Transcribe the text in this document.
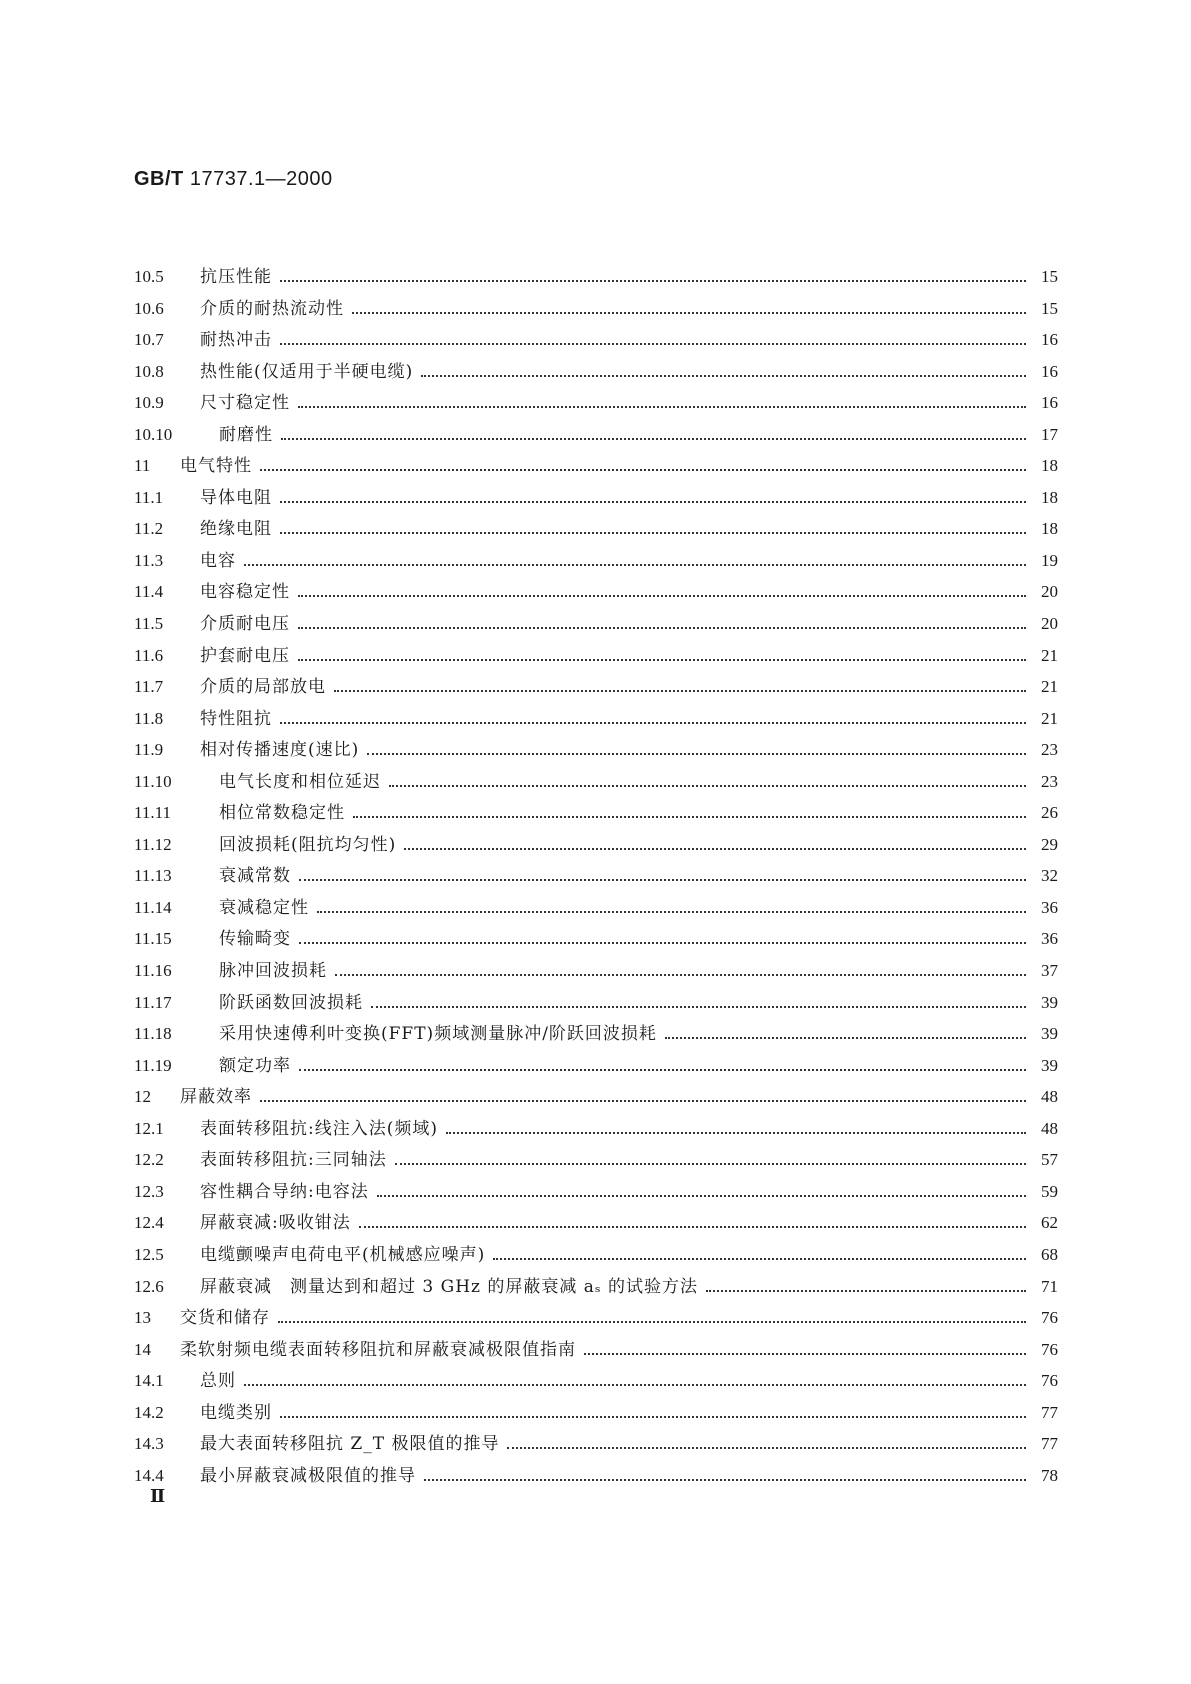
GB/T 17737.1—2000
10.5	抗压性能	15
10.6	介质的耐热流动性	15
10.7	耐热冲击	16
10.8	热性能(仅适用于半硬电缆)	16
10.9	尺寸稳定性	16
10.10	耐磨性	17
11	电气特性	18
11.1	导体电阻	18
11.2	绝缘电阻	18
11.3	电容	19
11.4	电容稳定性	20
11.5	介质耐电压	20
11.6	护套耐电压	21
11.7	介质的局部放电	21
11.8	特性阻抗	21
11.9	相对传播速度(速比)	23
11.10	电气长度和相位延迟	23
11.11	相位常数稳定性	26
11.12	回波损耗(阻抗均匀性)	29
11.13	衰减常数	32
11.14	衰减稳定性	36
11.15	传输畸变	36
11.16	脉冲回波损耗	37
11.17	阶跃函数回波损耗	39
11.18	采用快速傅利叶变换(FFT)频域测量脉冲/阶跃回波损耗	39
11.19	额定功率	39
12	屏蔽效率	48
12.1	表面转移阻抗:线注入法(频域)	48
12.2	表面转移阻抗:三同轴法	57
12.3	容性耦合导纳:电容法	59
12.4	屏蔽衰减:吸收钳法	62
12.5	电缆颤噪声电荷电平(机械感应噪声)	68
12.6	屏蔽衰减　测量达到和超过 3 GHz 的屏蔽衰减 aₛ 的试验方法	71
13	交货和储存	76
14	柔软射频电缆表面转移阻抗和屏蔽衰减极限值指南	76
14.1	总则	76
14.2	电缆类别	77
14.3	最大表面转移阻抗 Z_T 极限值的推导	77
14.4	最小屏蔽衰减极限值的推导	78
Ⅱ
